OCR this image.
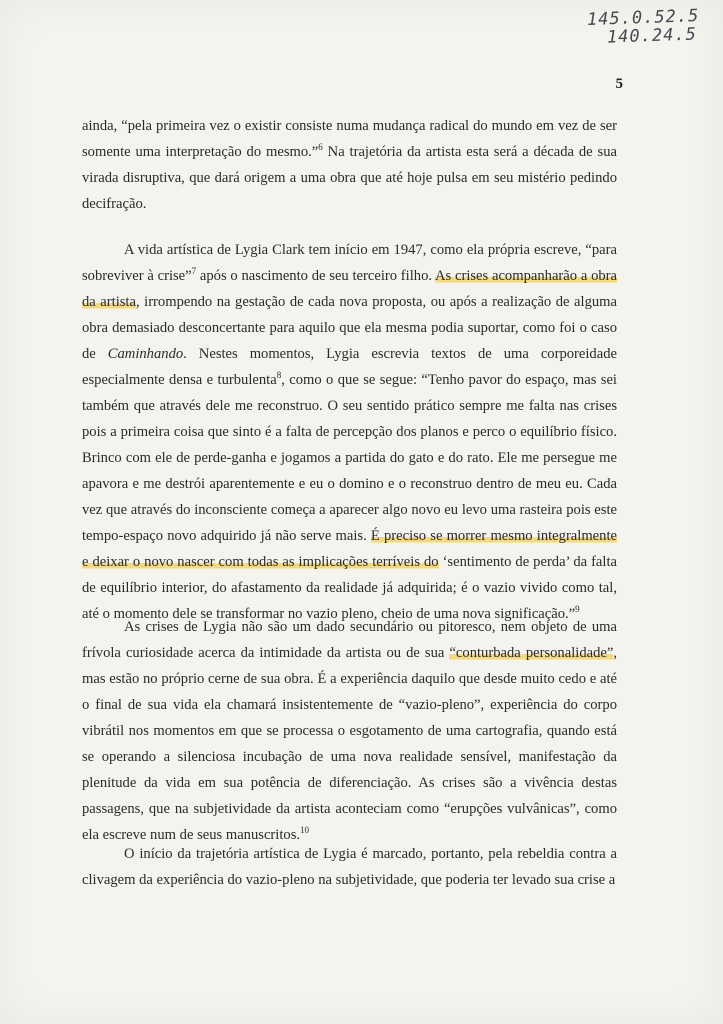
145.0.52.5
140.24.5
5

ainda, “pela primeira vez o existir consiste numa mudança radical do mundo em vez de ser somente uma interpretação do mesmo.”$^6$ Na trajetória da artista esta será a década de sua virada disruptiva, que dará origem a uma obra que até hoje pulsa em seu mistério pedindo decifração.

A vida artística de Lygia Clark tem início em 1947, como ela própria escreve, “para sobreviver à crise”$^7$ após o nascimento de seu terceiro filho. As crises acompanharão a obra da artista, irrompendo na gestação de cada nova proposta, ou após a realização de alguma obra demasiado desconcertante para aquilo que ela mesma podia suportar, como foi o caso de Caminhando. Nestes momentos, Lygia escrevia textos de uma corporeidade especialmente densa e turbulenta$^8$, como o que se segue: “Tenho pavor do espaço, mas sei também que através dele me reconstruo. O seu sentido prático sempre me falta nas crises pois a primeira coisa que sinto é a falta de percepção dos planos e perco o equilíbrio físico. Brinco com ele de perde-ganha e jogamos a partida do gato e do rato. Ele me persegue me apavora e me destrói aparentemente e eu o domino e o reconstruo dentro de meu eu. Cada vez que através do inconsciente começa a aparecer algo novo eu levo uma rasteira pois este tempo-espaço novo adquirido já não serve mais. É preciso se morrer mesmo integralmente e deixar o novo nascer com todas as implicações terríveis do ‘sentimento de perda’ da falta de equilíbrio interior, do afastamento da realidade já adquirida; é o vazio vivido como tal, até o momento dele se transformar no vazio pleno, cheio de uma nova significação.”$^9$

As crises de Lygia não são um dado secundário ou pitoresco, nem objeto de uma frívola curiosidade acerca da intimidade da artista ou de sua “conturbada personalidade”, mas estão no próprio cerne de sua obra. É a experiência daquilo que desde muito cedo e até o final de sua vida ela chamará insistentemente de “vazio-pleno”, experiência do corpo vibrátil nos momentos em que se processa o esgotamento de uma cartografia, quando está se operando a silenciosa incubação de uma nova realidade sensível, manifestação da plenitude da vida em sua potência de diferenciação. As crises são a vivência destas passagens, que na subjetividade da artista aconteciam como “erupções vulvânicas”, como ela escreve num de seus manuscritos.$^{10}$

O início da trajetória artística de Lygia é marcado, portanto, pela rebeldia contra a clivagem da experiência do vazio-pleno na subjetividade, que poderia ter levado sua crise a
